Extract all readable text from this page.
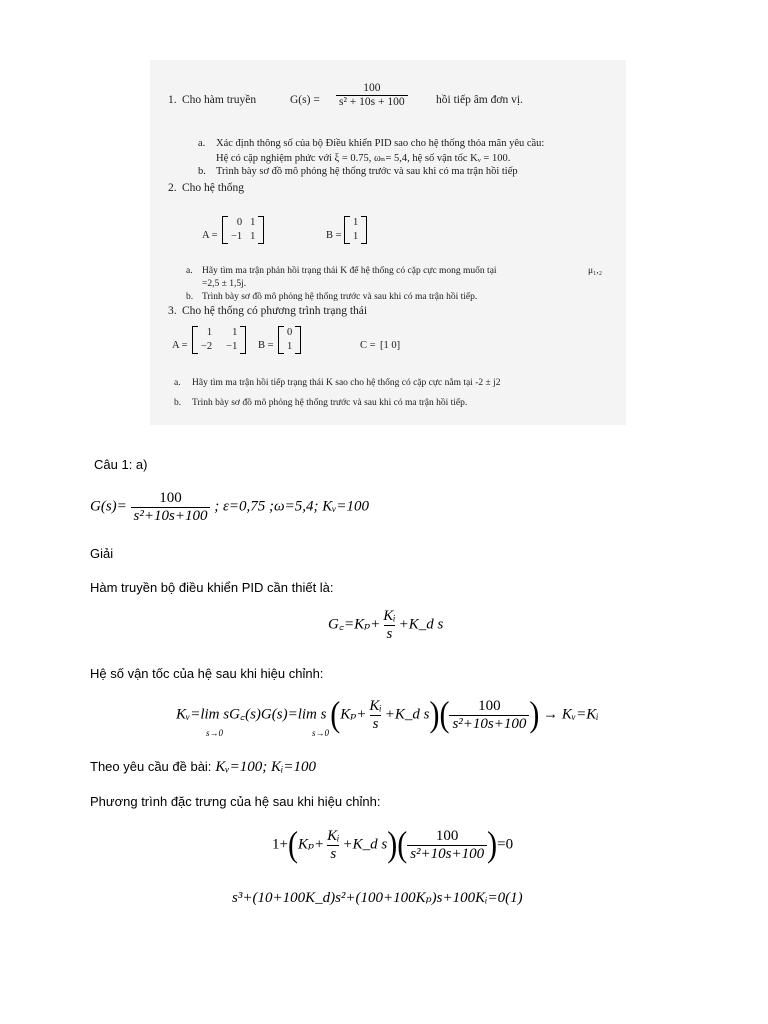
1. Cho hàm truyền	$G(s) = \frac{100}{\text{s² + 10s + 100}}$ hồi tiếp âm đơn vị.
a. Xác định thông số của bộ Điều khiển PID sao cho hệ thống thỏa mãn yêu cầu:
Hệ có cặp nghiệm phức với ξ = 0.75, ωₙ= 5,4, hệ số vận tốc Kᵥ = 100.
b. Trình bày sơ đồ mô phỏng hệ thống trước và sau khi có ma trận hồi tiếp
2. Cho hệ thống
A =
0 1
−1 1	B =
1
1
a. Hãy tìm ma trận phản hồi trạng thái K để hệ thống có cặp cực mong muốn tại	μ₁,₂
=2,5 ± 1,5j.
b. Trình bày sơ đồ mô phỏng hệ thống trước và sau khi có ma trận hồi tiếp.
3. Cho hệ thống có phương trình trạng thái
A =
1	1
−2 −1 B =
0
1	C = [1 0]
a. Hãy tìm ma trận hồi tiếp trạng thái K sao cho hệ thống có cặp cực nằm tại -2 ± j2
b. Trình bày sơ đồ mô phỏng hệ thống trước và sau khi có ma trận hồi tiếp.
Câu 1: a)
$G(s)= \frac{100}{\text{s²+10s+100}}$ ; ε=0,75 ;ω=5,4; Kᵥ=100
Giải
Hàm truyền bộ điều khiển PID cần thiết là:
G꜀=Kₚ+ $\frac{\text{Kᵢ}}{s}$ +K_d s
Hệ số vận tốc của hệ sau khi hiệu chỉnh:
Kᵥ=lim sG꜀(s)G(s)=lim s ($K_p+ \frac{\text{Kᵢ}}{s}$ +K_d $s)( \frac{100}{\text{s²+10s+100}}$ ) → Kᵥ=Kᵢ
s→0	s→0
Theo yêu cầu đề bài: Kᵥ=100; Kᵢ=100
Phương trình đặc trưng của hệ sau khi hiệu chỉnh:
$1+(K_p+ \frac{\text{Kᵢ}}{s}$ +K_d $s)( \frac{100}{\text{s²+10s+100}} )=0$
s³+(10+100K_d)s²+(100+100Kₚ)s+100Kᵢ=0(1)
